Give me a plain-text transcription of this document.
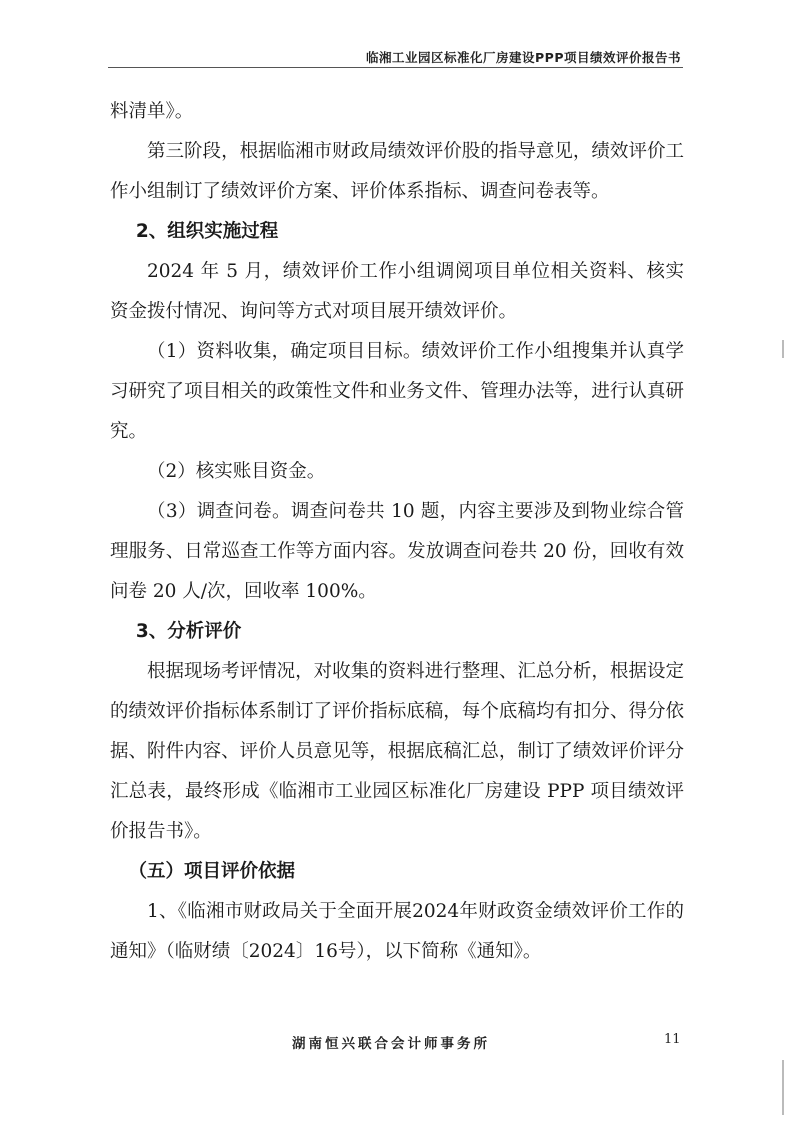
临湘工业园区标准化厂房建设PPP项目绩效评价报告书

料清单》。

第三阶段，根据临湘市财政局绩效评价股的指导意见，绩效评价工作小组制订了绩效评价方案、评价体系指标、调查问卷表等。

2、组织实施过程

2024 年 5 月，绩效评价工作小组调阅项目单位相关资料、核实资金拨付情况、询问等方式对项目展开绩效评价。

（1）资料收集，确定项目目标。绩效评价工作小组搜集并认真学习研究了项目相关的政策性文件和业务文件、管理办法等，进行认真研究。

（2）核实账目资金。

（3）调查问卷。调查问卷共 10 题，内容主要涉及到物业综合管理服务、日常巡查工作等方面内容。发放调查问卷共 20 份，回收有效问卷 20 人/次，回收率 100%。

3、分析评价

根据现场考评情况，对收集的资料进行整理、汇总分析，根据设定的绩效评价指标体系制订了评价指标底稿，每个底稿均有扣分、得分依据、附件内容、评价人员意见等，根据底稿汇总，制订了绩效评价评分汇总表，最终形成《临湘市工业园区标准化厂房建设 PPP 项目绩效评价报告书》。

（五）项目评价依据

1、《临湘市财政局关于全面开展2024年财政资金绩效评价工作的通知》（临财绩〔2024〕16号），以下简称《通知》。

湖南恒兴联合会计师事务所	11
